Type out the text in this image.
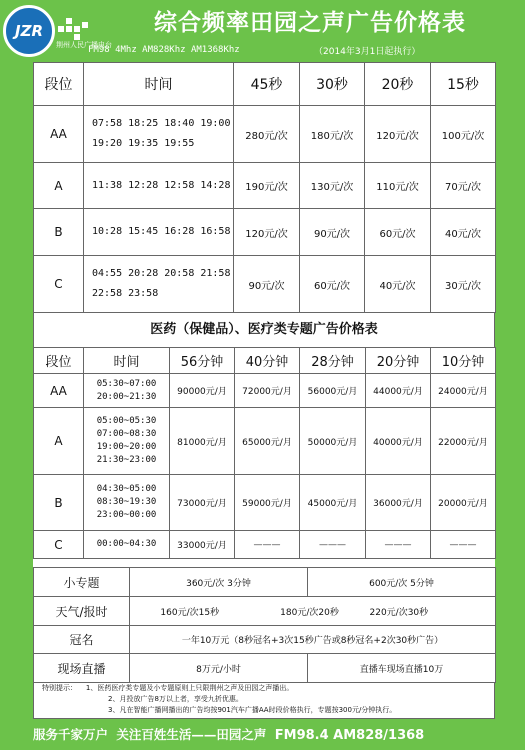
JZR
荆州人民广播电台
综合频率田园之声广告价格表
FM98 4Mhz AM828Khz AM1368Khz	（2014年3月1日起执行）
段位	时间	45秒	30秒	20秒	15秒
AA	07:58 18:25 18:40 19:00
19:20 19:35 19:55	280元/次	180元/次	120元/次	100元/次
A	11:38 12:28 12:58 14:28	190元/次	130元/次	110元/次	70元/次
B	10:28 15:45 16:28 16:58	120元/次	90元/次	60元/次	40元/次
C	04:55 20:28 20:58 21:58
22:58 23:58	90元/次	60元/次	40元/次	30元/次
医药（保健品）、医疗类专题广告价格表
段位	时间	56分钟	40分钟	28分钟	20分钟	10分钟
AA	05:30~07:00
20:00~21:30	90000元/月	72000元/月	56000元/月	44000元/月	24000元/月
A	05:00~05:30
07:00~08:30
19:00~20:00
21:30~23:00	81000元/月	65000元/月	50000元/月	40000元/月	22000元/月
B	04:30~05:00
08:30~19:30
23:00~00:00	73000元/月	59000元/月	45000元/月	36000元/月	20000元/月
C	00:00~04:30	33000元/月	———	———	———	———
小专题	360元/次 3分钟		600元/次 5分钟	
天气/报时	160元/次15秒	180元/次20秒		220元/次30秒
冠名	一年10万元（8秒冠名+3次15秒广告或8秒冠名+2次30秒广告）			
现场直播	8万元/小时		直播车现场直播10万	
特别提示： 1、医药医疗类专题及小专题原则上只限荆州之声及田园之声播出。
2、月投放广告8万以上者，享受九折优惠。
3、凡在智能广播网播出的广告均按901汽车广播AA时段价格执行，专题按300元/分钟执行。
服务千家万户 关注百姓生活——田园之声 FM98.4 AM828/1368
